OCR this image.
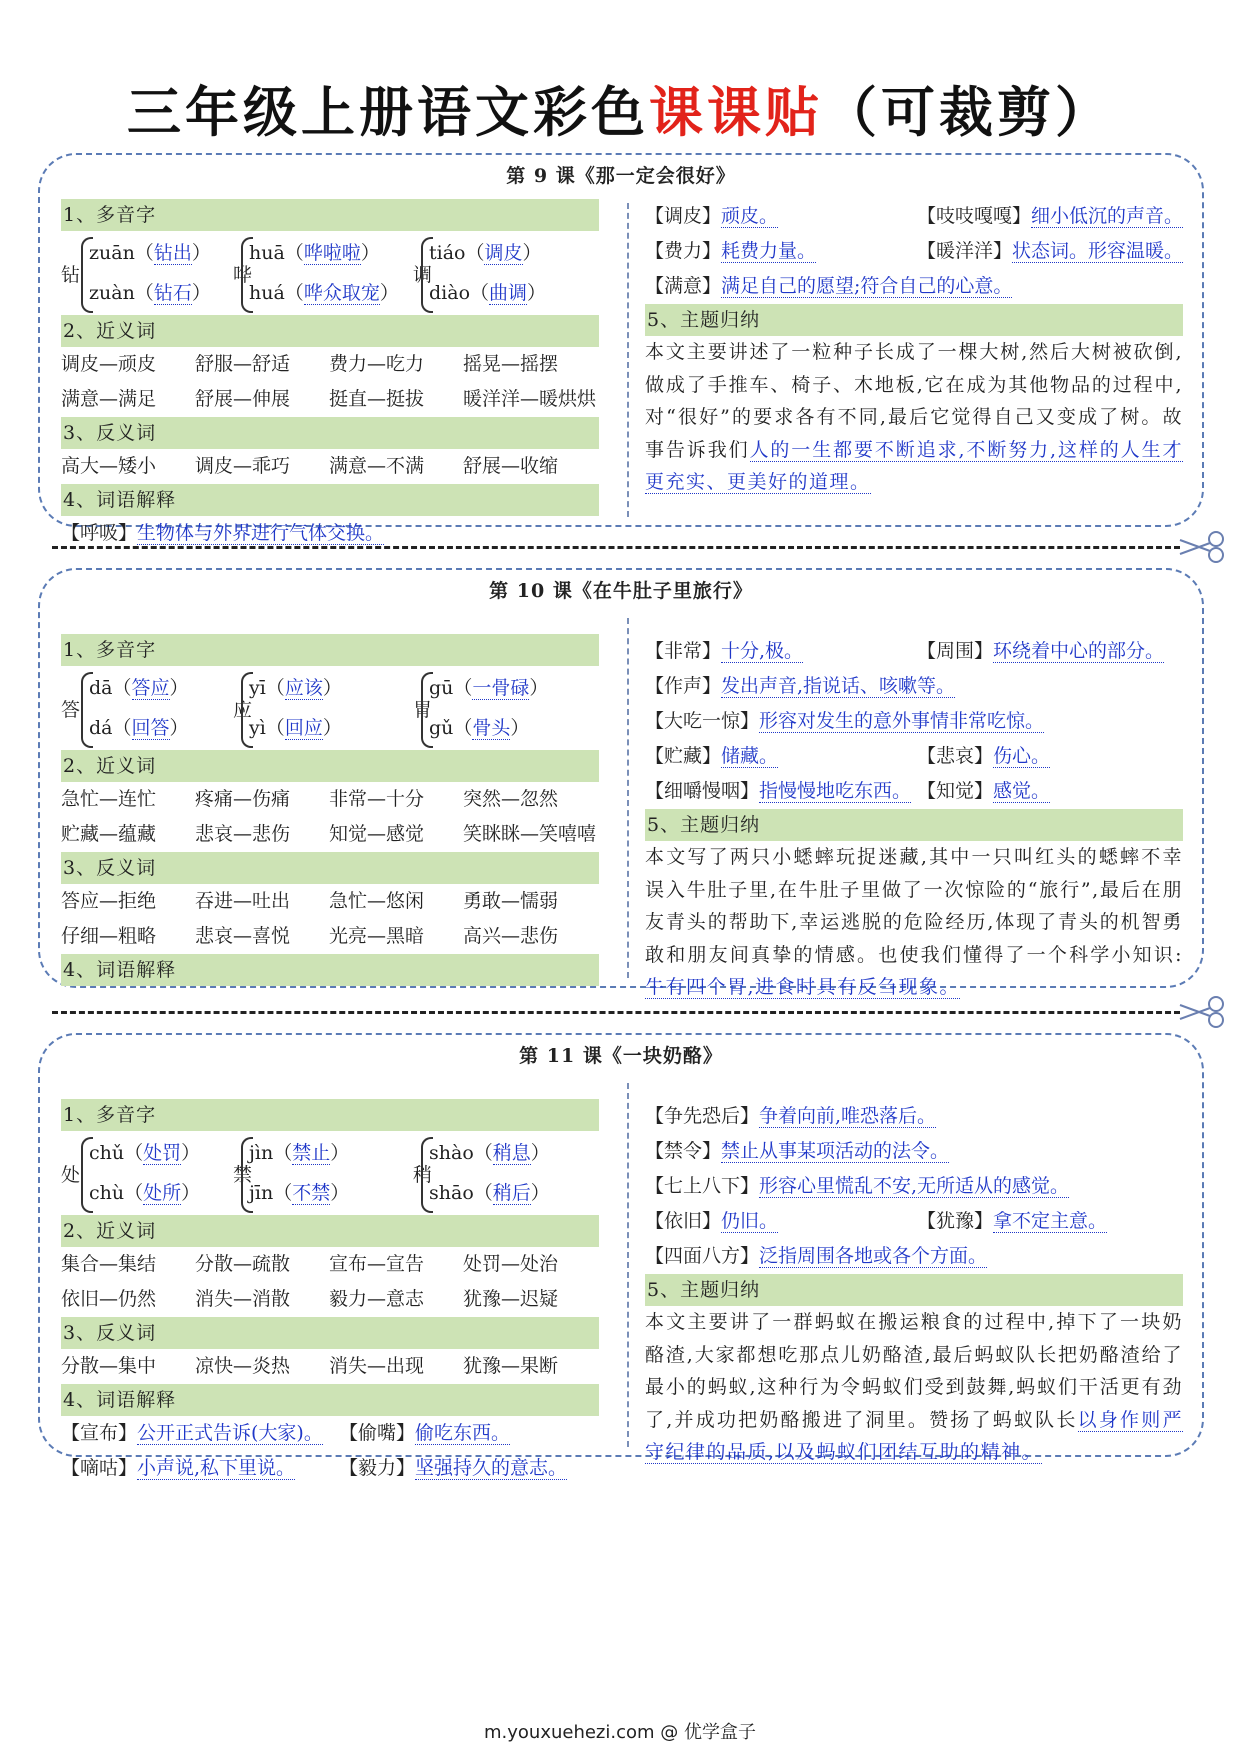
三年级上册语文彩色课课贴（可裁剪）
第 9 课《那一定会很好》
1、多音字
钻
zuān（钻出）
zuàn（钻石）
哗
huā（哗啦啦）
huá（哗众取宠）
调
tiáo（调皮）
diào（曲调）
2、近义词
调皮—顽皮	舒服—舒适	费力—吃力	摇晃—摇摆
满意—满足	舒展—伸展	挺直—挺拔	暖洋洋—暖烘烘
3、反义词
高大—矮小	调皮—乖巧	满意—不满	舒展—收缩
4、词语解释
【呼吸】生物体与外界进行气体交换。
【调皮】顽皮。	【吱吱嘎嘎】细小低沉的声音。
【费力】耗费力量。	【暖洋洋】状态词。形容温暖。
【满意】满足自己的愿望;符合自己的心意。
5、主题归纳
本文主要讲述了一粒种子长成了一棵大树,然后大树被砍倒,做成了手推车、椅子、木地板,它在成为其他物品的过程中,对“很好”的要求各有不同,最后它觉得自己又变成了树。故事告诉我们人的一生都要不断追求,不断努力,这样的人生才更充实、更美好的道理。
第 10 课《在牛肚子里旅行》
1、多音字
答
dā（答应）
dá（回答）
应
yī（应该）
yì（回应）
胃
gū（一骨碌）
gǔ（骨头）
2、近义词
急忙—连忙	疼痛—伤痛	非常—十分	突然—忽然
贮藏—蕴藏	悲哀—悲伤	知觉—感觉	笑眯眯—笑嘻嘻
3、反义词
答应—拒绝	吞进—吐出	急忙—悠闲	勇敢—懦弱
仔细—粗略	悲哀—喜悦	光亮—黑暗	高兴—悲伤
4、词语解释
【非常】十分,极。	【周围】环绕着中心的部分。
【作声】发出声音,指说话、咳嗽等。
【大吃一惊】形容对发生的意外事情非常吃惊。
【贮藏】储藏。	【悲哀】伤心。
【细嚼慢咽】指慢慢地吃东西。 【知觉】感觉。
5、主题归纳
本文写了两只小蟋蟀玩捉迷藏,其中一只叫红头的蟋蟀不幸误入牛肚子里,在牛肚子里做了一次惊险的“旅行”,最后在朋友青头的帮助下,幸运逃脱的危险经历,体现了青头的机智勇敢和朋友间真挚的情感。也使我们懂得了一个科学小知识:牛有四个胃,进食时具有反刍现象。
第 11 课《一块奶酪》
1、多音字
处
chǔ（处罚）
chù（处所）
禁
jìn（禁止）
jīn（不禁）
稍
shào（稍息）
shāo（稍后）
2、近义词
集合—集结	分散—疏散	宣布—宣告	处罚—处治
依旧—仍然	消失—消散	毅力—意志	犹豫—迟疑
3、反义词
分散—集中	凉快—炎热	消失—出现	犹豫—果断
4、词语解释
【宣布】公开正式告诉(大家)。 【偷嘴】偷吃东西。
【嘀咕】小声说,私下里说。 【毅力】坚强持久的意志。
【争先恐后】争着向前,唯恐落后。
【禁令】禁止从事某项活动的法令。
【七上八下】形容心里慌乱不安,无所适从的感觉。
【依旧】仍旧。	【犹豫】拿不定主意。
【四面八方】泛指周围各地或各个方面。
5、主题归纳
本文主要讲了一群蚂蚁在搬运粮食的过程中,掉下了一块奶酪渣,大家都想吃那点儿奶酪渣,最后蚂蚁队长把奶酪渣给了最小的蚂蚁,这种行为令蚂蚁们受到鼓舞,蚂蚁们干活更有劲了,并成功把奶酪搬进了洞里。赞扬了蚂蚁队长以身作则严守纪律的品质,以及蚂蚁们团结互助的精神。
m.youxuehezi.com @ 优学盒子
